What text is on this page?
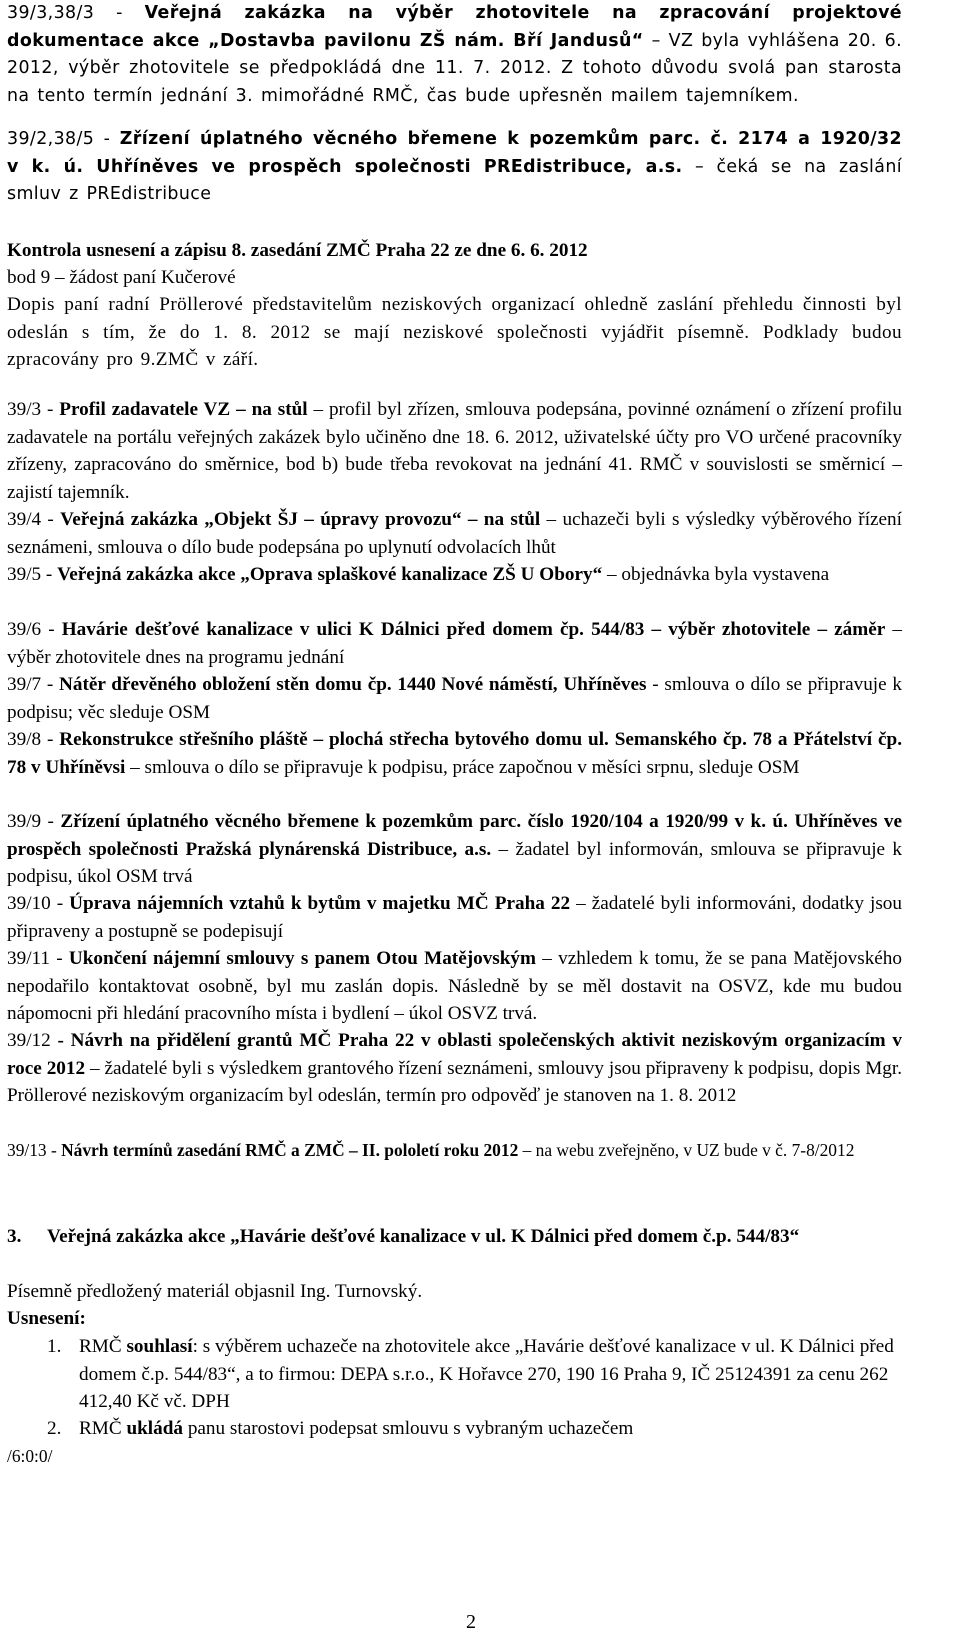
39/3,38/3 - Veřejná zakázka na výběr zhotovitele na zpracování projektové dokumentace akce „Dostavba pavilonu ZŠ nám. Bří Jandusů“ – VZ byla vyhlášena 20. 6. 2012, výběr zhotovitele se předpokládá dne 11. 7. 2012. Z tohoto důvodu svolá pan starosta na tento termín jednání 3. mimořádné RMČ, čas bude upřesněn mailem tajemníkem.
39/2,38/5 - Zřízení úplatného věcného břemene k pozemkům parc. č. 2174 a 1920/32 v k. ú. Uhříněves ve prospěch společnosti PREdistribuce, a.s. – čeká se na zaslání smluv z PREdistribuce
Kontrola usnesení a zápisu 8. zasedání ZMČ Praha 22 ze dne 6. 6. 2012
bod 9 – žádost paní Kučerové
Dopis paní radní Pröllerové představitelům neziskových organizací ohledně zaslání přehledu činnosti byl odeslán s tím, že do 1. 8. 2012 se mají neziskové společnosti vyjádřit písemně. Podklady budou zpracovány pro 9.ZMČ v září.
39/3 - Profil zadavatele VZ – na stůl – profil byl zřízen, smlouva podepsána, povinné oznámení o zřízení profilu zadavatele na portálu veřejných zakázek bylo učiněno dne 18. 6. 2012, uživatelské účty pro VO určené pracovníky zřízeny, zapracováno do směrnice, bod b) bude třeba revokovat na jednání 41. RMČ v souvislosti se směrnicí – zajistí tajemník.
39/4 - Veřejná zakázka „Objekt ŠJ – úpravy provozu“ – na stůl – uchazeči byli s výsledky výběrového řízení seznámeni, smlouva o dílo bude podepsána po uplynutí odvolacích lhůt
39/5 - Veřejná zakázka akce „Oprava splaškové kanalizace ZŠ U Obory“ – objednávka byla vystavena
39/6 - Havárie dešťové kanalizace v ulici K Dálnici před domem čp. 544/83 – výběr zhotovitele – záměr – výběr zhotovitele dnes na programu jednání
39/7 - Nátěr dřevěného obložení stěn domu čp. 1440 Nové náměstí, Uhříněves - smlouva o dílo se připravuje k podpisu; věc sleduje OSM
39/8 - Rekonstrukce střešního pláště – plochá střecha bytového domu ul. Semanského čp. 78 a Přátelství čp. 78 v Uhříněvsi – smlouva o dílo se připravuje k podpisu, práce započnou v měsíci srpnu, sleduje OSM
39/9 - Zřízení úplatného věcného břemene k pozemkům parc. číslo 1920/104 a 1920/99 v k. ú. Uhříněves ve prospěch společnosti Pražská plynárenská Distribuce, a.s. – žadatel byl informován, smlouva se připravuje k podpisu, úkol OSM trvá
39/10 - Úprava nájemních vztahů k bytům v majetku MČ Praha 22 – žadatelé byli informováni, dodatky jsou připraveny a postupně se podepisují
39/11 - Ukončení nájemní smlouvy s panem Otou Matějovským – vzhledem k tomu, že se pana Matějovského nepodařilo kontaktovat osobně, byl mu zaslán dopis. Následně by se měl dostavit na OSVZ, kde mu budou nápomocni při hledání pracovního místa i bydlení – úkol OSVZ trvá.
39/12 - Návrh na přidělení grantů MČ Praha 22 v oblasti společenských aktivit neziskovým organizacím v roce 2012 – žadatelé byli s výsledkem grantového řízení seznámeni, smlouvy jsou připraveny k podpisu, dopis Mgr. Pröllerové neziskovým organizacím byl odeslán, termín pro odpověď je stanoven na 1. 8. 2012
39/13 - Návrh termínů zasedání RMČ a ZMČ – II. pololetí roku 2012 – na webu zveřejněno, v UZ bude v č. 7-8/2012
3. Veřejná zakázka akce „Havárie dešťové kanalizace v ul. K Dálnici před domem č.p. 544/83“
Písemně předložený materiál objasnil Ing. Turnovský.
Usnesení:
1. RMČ souhlasí: s výběrem uchazeče na zhotovitele akce „Havárie dešťové kanalizace v ul. K Dálnici před domem č.p. 544/83“, a to firmou: DEPA s.r.o., K Hořavce 270, 190 16 Praha 9, IČ 25124391 za cenu 262 412,40 Kč vč. DPH
2. RMČ ukládá panu starostovi podepsat smlouvu s vybraným uchazečem
/6:0:0/
2
